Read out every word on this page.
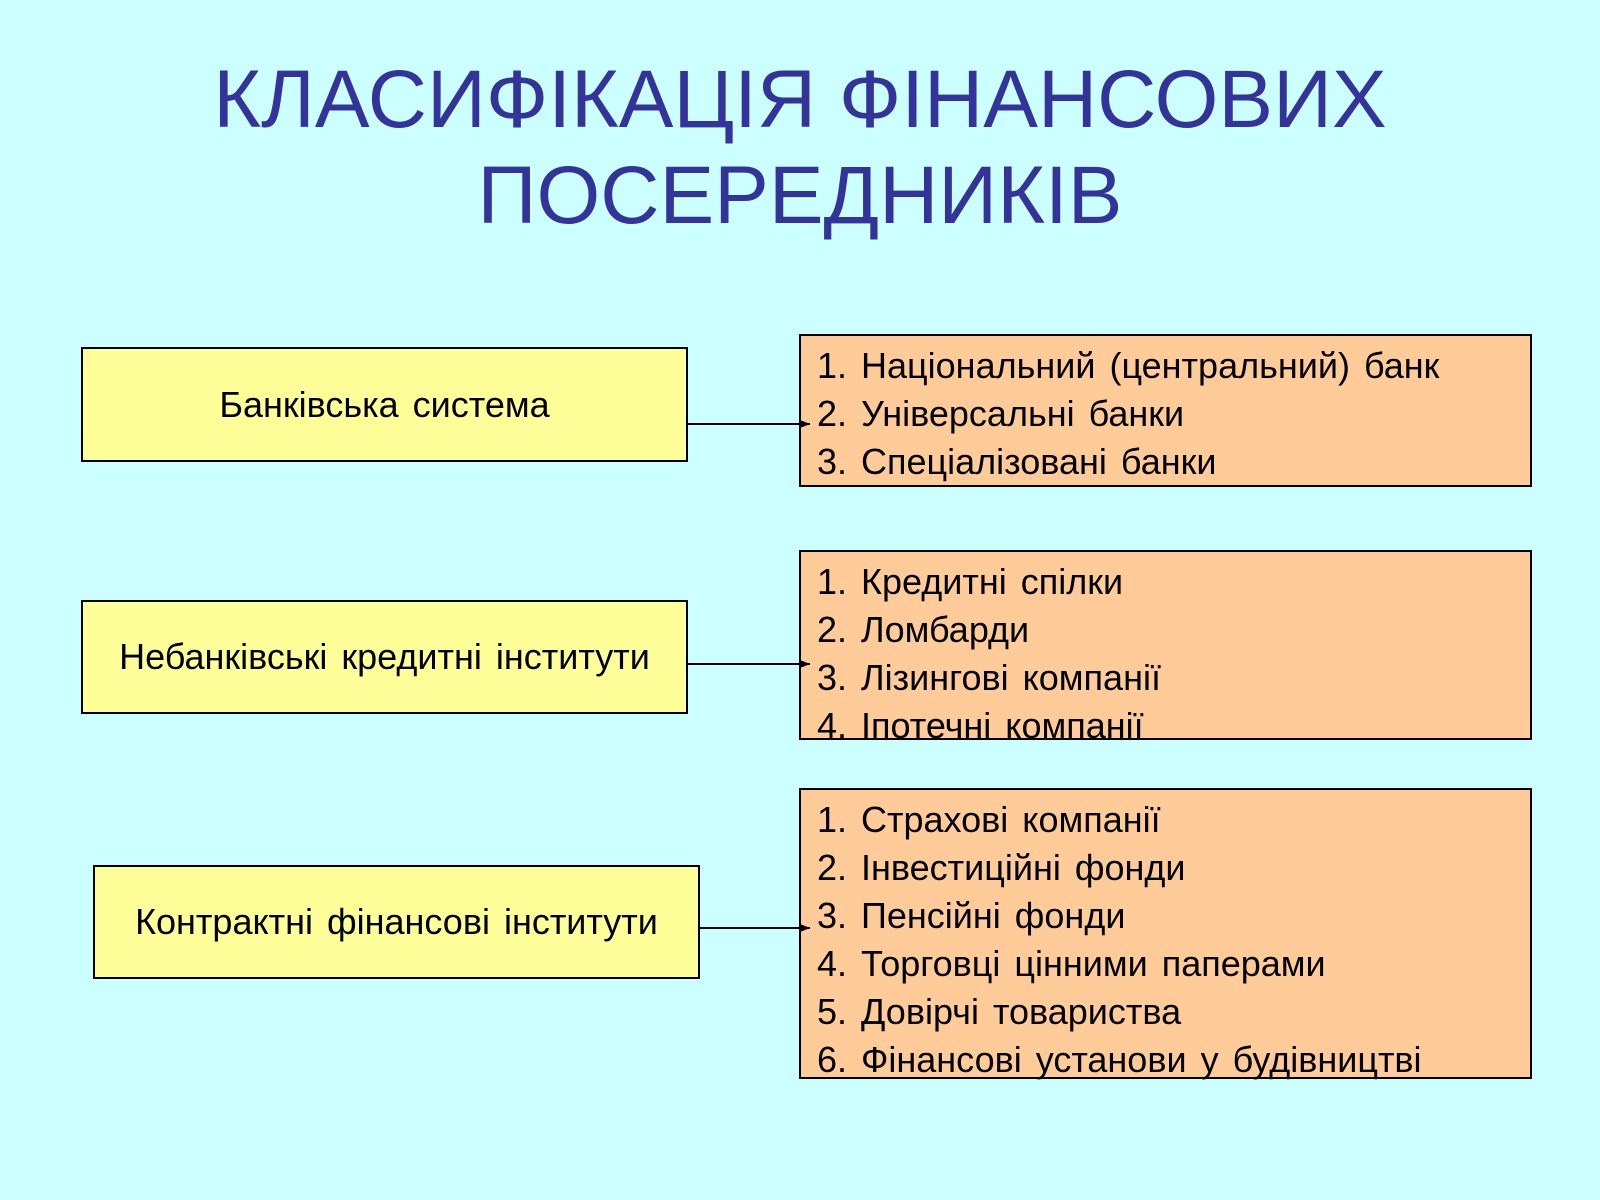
КЛАСИФІКАЦІЯ ФІНАНСОВИХ
ПОСЕРЕДНИКІВ
Банківська система
1. Національний (центральний) банк
2. Універсальні банки
3. Спеціалізовані банки
Небанківські кредитні інститути
1. Кредитні спілки
2. Ломбарди
3. Лізингові компанії
4. Іпотечні компанії
Контрактні фінансові інститути
1. Страхові компанії
2. Інвестиційні фонди
3. Пенсійні фонди
4. Торговці цінними паперами
5. Довірчі товариства
6. Фінансові установи у будівництві
